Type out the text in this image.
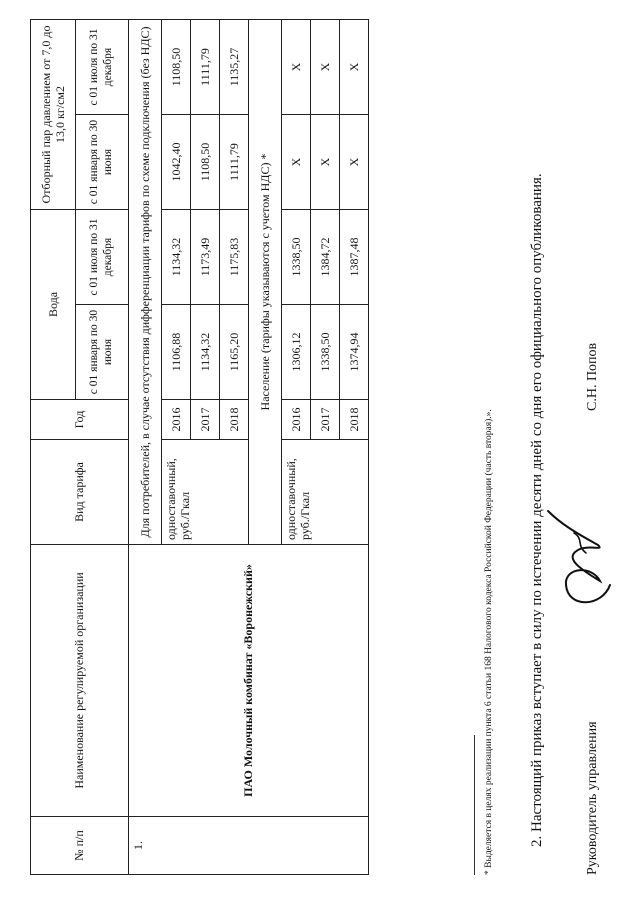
№ п/п	Наименование регулируемой организации	Вид тарифа	Год	Вода		Отборный пар давлением от 7,0 до 13,0 кг/см2	
				с 01 января по 30 июня	с 01 июля по 31 декабря	с 01 января по 30 июня	с 01 июля по 31 декабря
1.	ПАО Молочный комбинат «Воронежский»	Для потребителей, в случае отсутствия дифференциации тарифов по схеме подключения (без НДС)					
		одноставочный, руб./Гкал	2016	1106,88	1134,32	1042,40	1108,50
			2017	1134,32	1173,49	1108,50	1111,79
			2018	1165,20	1175,83	1111,79	1135,27
		Население (тарифы указываются с учетом НДС) *					
		одноставочный, руб./Гкал	2016	1306,12	1338,50	X	X
			2017	1338,50	1384,72	X	X
			2018	1374,94	1387,48	X	X
* Выделяется в целях реализации пункта 6 статьи 168 Налогового кодекса Российской Федерации (часть вторая).». 2. Настоящий приказ вступает в силу по истечении десяти дней со дня его официального опубликования.	Руководитель управления
С.Н. Попов
